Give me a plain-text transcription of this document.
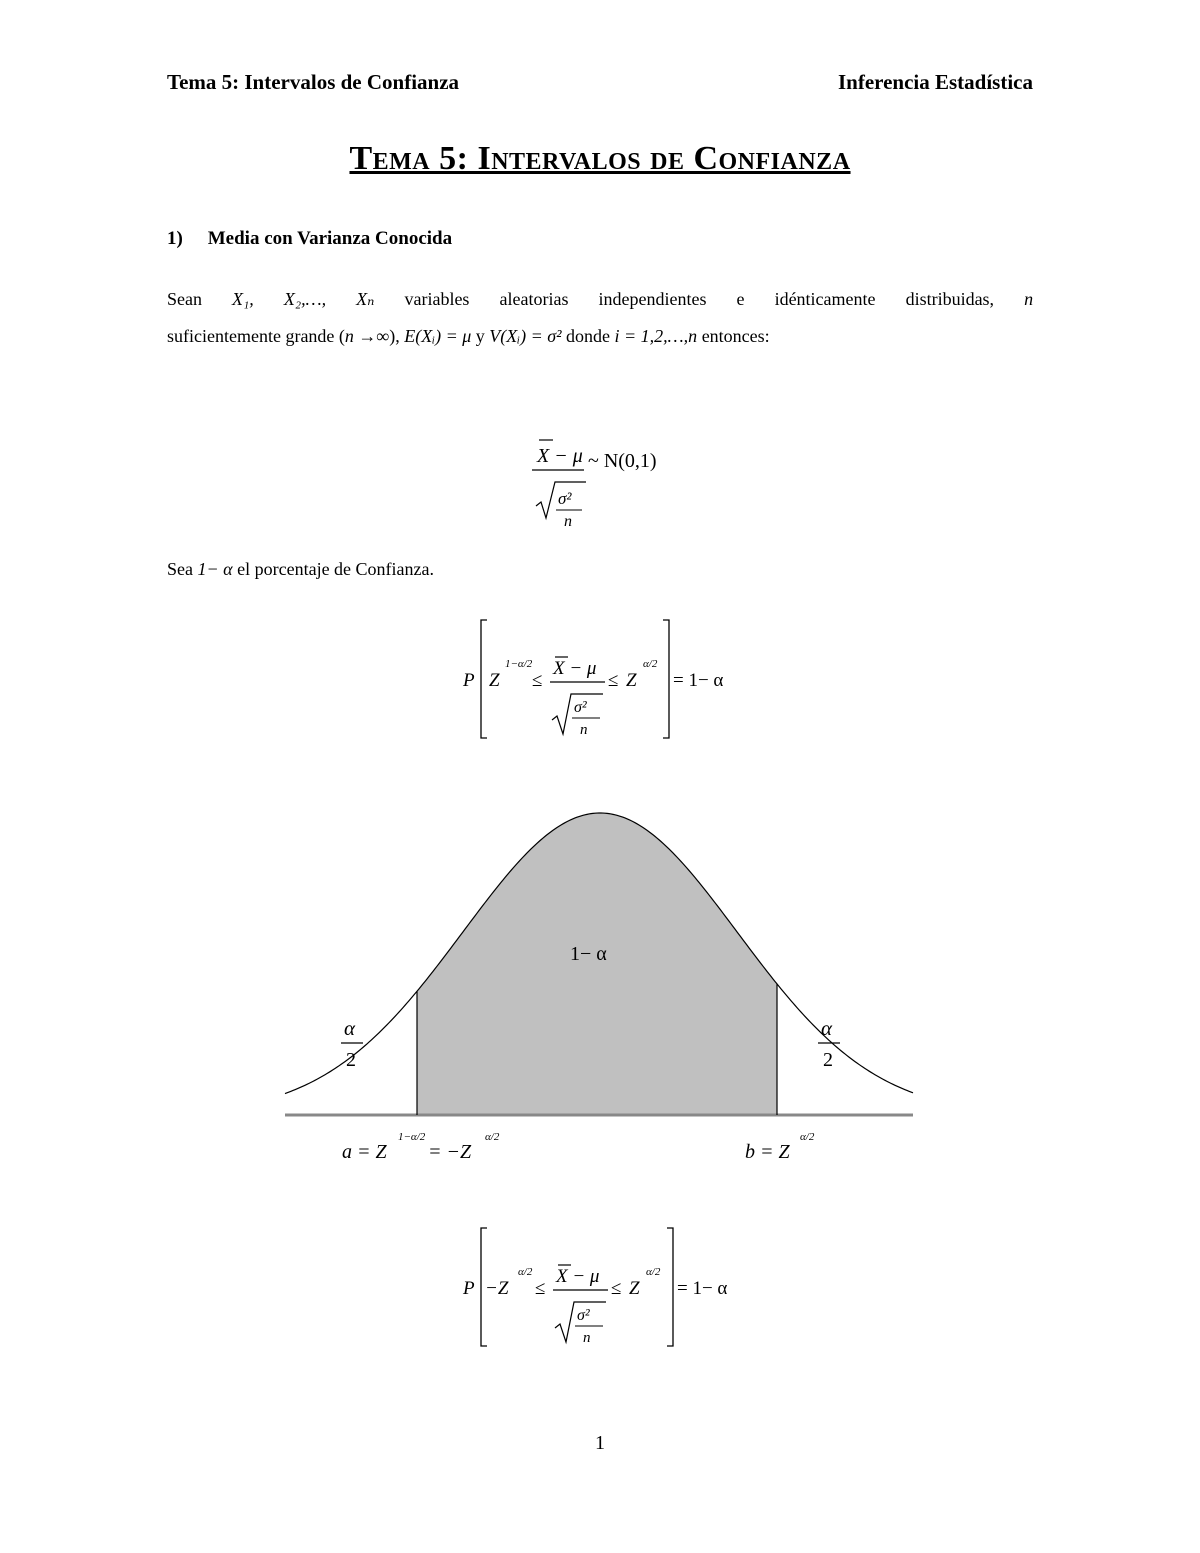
Tema 5: Intervalos de Confianza	Inferencia Estadística
Tema 5: Intervalos de Confianza
1) Media con Varianza Conocida
Sean X₁, X₂,…, Xₙ variables aleatorias independientes e idénticamente distribuidas, n
suficientemente grande (n →∞), E(Xᵢ) = μ y V(Xᵢ) = σ² donde i = 1,2,…,n entonces:
X − μ
σ²
n
~ N(0,1)
Sea 1− α el porcentaje de Confianza.
P Z
1−α/2
≤
X − μ
σ²
n
≤ Z
α/2
= 1− α
1− α
α
2
α
2
a = Z
1−α/2
= −Z
α/2
b = Z
α/2
P −Z
α/2
≤
X − μ
σ²
n
≤ Z
α/2
= 1− α
1
